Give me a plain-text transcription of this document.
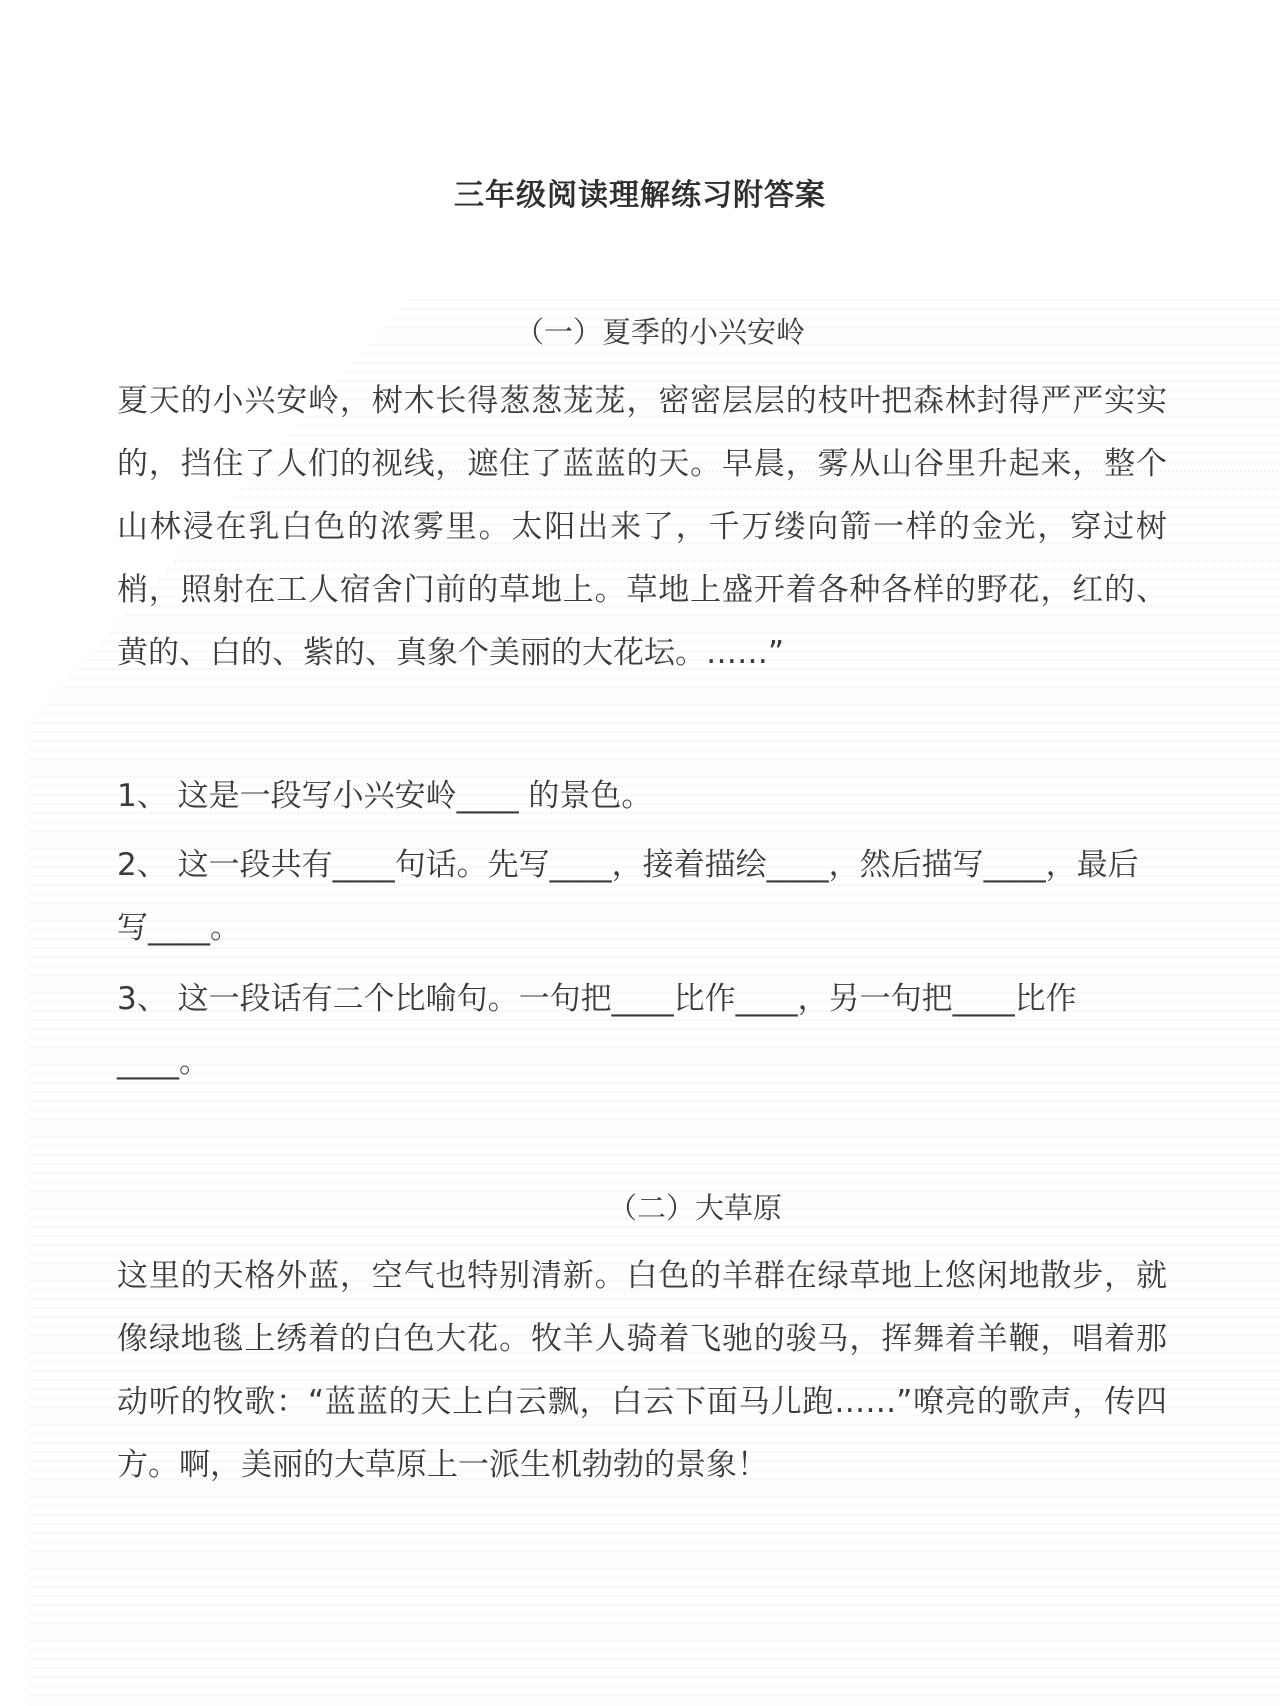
三年级阅读理解练习附答案
（一）夏季的小兴安岭

夏天的小兴安岭，树木长得葱葱茏茏，密密层层的枝叶把森林封得严严实实的，挡住了人们的视线，遮住了蓝蓝的天。早晨，雾从山谷里升起来，整个山林浸在乳白色的浓雾里。太阳出来了，千万缕向箭一样的金光，穿过树梢，照射在工人宿舍门前的草地上。草地上盛开着各种各样的野花，红的、黄的、白的、紫的、真象个美丽的大花坛。……”

1、 这是一段写小兴安岭____ 的景色。

2、 这一段共有____句话。先写____，接着描绘____，然后描写____，最后写____。

3、 这一段话有二个比喻句。一句把____比作____，另一句把____比作____。

（二）大草原

这里的天格外蓝，空气也特别清新。白色的羊群在绿草地上悠闲地散步，就像绿地毯上绣着的白色大花。牧羊人骑着飞驰的骏马，挥舞着羊鞭，唱着那动听的牧歌：“蓝蓝的天上白云飘，白云下面马儿跑……”嘹亮的歌声，传四方。啊，美丽的大草原上一派生机勃勃的景象！
